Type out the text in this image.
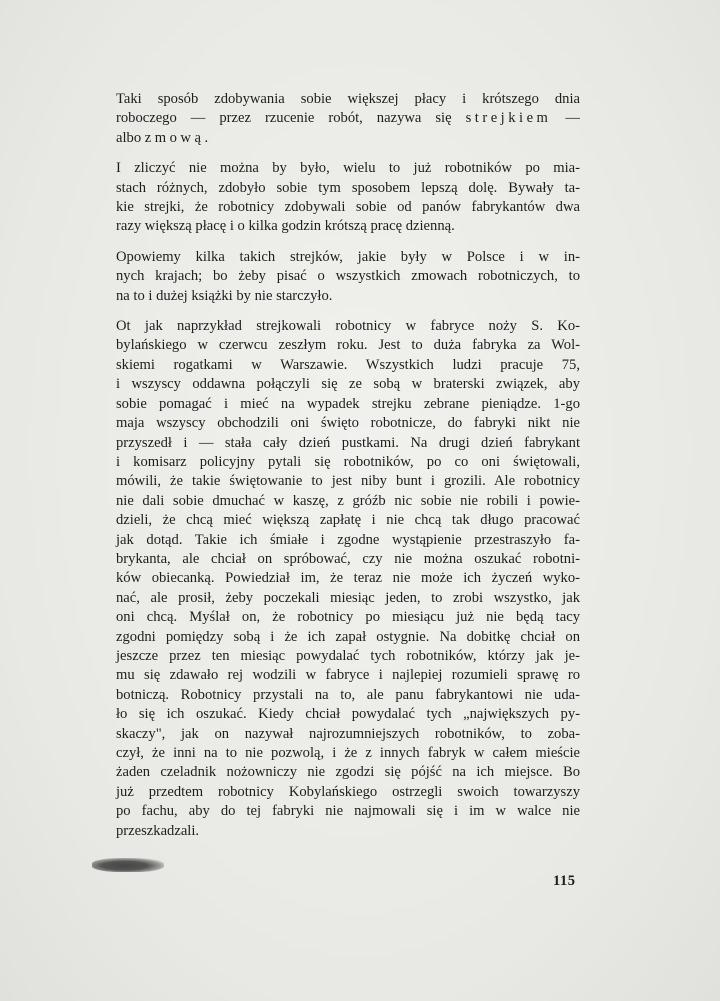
Taki sposób zdobywania sobie większej płacy i krótszego dnia
roboczego — przez rzucenie robót, nazywa się strejkiem —
albo zmową.

I zliczyć nie można by było, wielu to już robotników po mia-
stach różnych, zdobyło sobie tym sposobem lepszą dolę. Bywały ta-
kie strejki, że robotnicy zdobywali sobie od panów fabrykantów dwa
razy większą płacę i o kilka godzin krótszą pracę dzienną.

Opowiemy kilka takich strejków, jakie były w Polsce i w in-
nych krajach; bo żeby pisać o wszystkich zmowach robotniczych, to
na to i dużej książki by nie starczyło.

Ot jak naprzykład strejkowali robotnicy w fabryce noży S. Ko-
bylańskiego w czerwcu zeszłym roku. Jest to duża fabryka za Wol-
skiemi rogatkami w Warszawie. Wszystkich ludzi pracuje 75,
i wszyscy oddawna połączyli się ze sobą w braterski związek, aby
sobie pomagać i mieć na wypadek strejku zebrane pieniądze. 1-go
maja wszyscy obchodzili oni święto robotnicze, do fabryki nikt nie
przyszedł i — stała cały dzień pustkami. Na drugi dzień fabrykant
i komisarz policyjny pytali się robotników, po co oni świętowali,
mówili, że takie świętowanie to jest niby bunt i grozili. Ale robotnicy
nie dali sobie dmuchać w kaszę, z gróźb nic sobie nie robili i powie-
dzieli, że chcą mieć większą zapłatę i nie chcą tak długo pracować
jak dotąd. Takie ich śmiałe i zgodne wystąpienie przestraszyło fa-
brykanta, ale chciał on spróbować, czy nie można oszukać robotni-
ków obiecanką. Powiedział im, że teraz nie może ich życzeń wyko-
nać, ale prosił, żeby poczekali miesiąc jeden, to zrobi wszystko, jak
oni chcą. Myślał on, że robotnicy po miesiącu już nie będą tacy
zgodni pomiędzy sobą i że ich zapał ostygnie. Na dobitkę chciał on
jeszcze przez ten miesiąc powydalać tych robotników, którzy jak je-
mu się zdawało rej wodzili w fabryce i najlepiej rozumieli sprawę ro
botniczą. Robotnicy przystali na to, ale panu fabrykantowi nie uda-
ło się ich oszukać. Kiedy chciał powydalać tych „największych py-
skaczy", jak on nazywał najrozumniejszych robotników, to zoba-
czył, że inni na to nie pozwolą, i że z innych fabryk w całem mieście
żaden czeladnik nożowniczy nie zgodzi się pójść na ich miejsce. Bo
już przedtem robotnicy Kobylańskiego ostrzegli swoich towarzyszy
po fachu, aby do tej fabryki nie najmowali się i im w walce nie
przeszkadzali.

115
